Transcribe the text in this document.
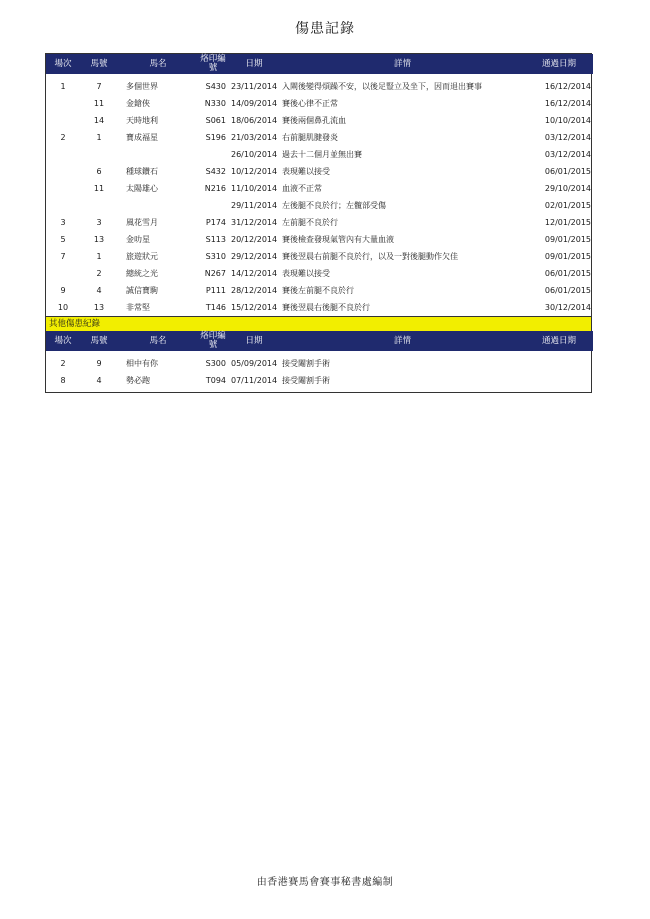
傷患記錄
場次	馬號	馬名	烙印編號	日期	詳情	通過日期

1	7	多個世界	S430	23/11/2014	入閘後變得煩躁不安，以後足豎立及坐下，因而退出賽事	16/12/2014
	11	金鎗俠	N330	14/09/2014	賽後心律不正常	16/12/2014
	14	天時地利	S061	18/06/2014	賽後兩個鼻孔流血	10/10/2014
2	1	寶成福星	S196	21/03/2014	右前腿肌腱發炎	03/12/2014
				26/10/2014	過去十二個月並無出賽	03/12/2014
	6	種球鑽石	S432	10/12/2014	表現難以接受	06/01/2015
	11	太陽雄心	N216	11/10/2014	血液不正常	29/10/2014
				29/11/2014	左後腿不良於行；左髖部受傷	02/01/2015
3	3	風花雪月	P174	31/12/2014	左前腿不良於行	12/01/2015
5	13	金叻星	S113	20/12/2014	賽後檢查發現氣管內有大量血液	09/01/2015
7	1	旅遊狀元	S310	29/12/2014	賽後翌晨右前腿不良於行，以及一對後腿動作欠佳	09/01/2015
	2	總統之光	N267	14/12/2014	表現難以接受	06/01/2015
9	4	誠信寶駒	P111	28/12/2014	賽後左前腿不良於行	06/01/2015
10	13	非常堅	T146	15/12/2014	賽後翌晨右後腿不良於行	30/12/2014
其他傷患紀錄
場次	馬號	馬名	烙印編號	日期	詳情	通過日期

2	9	相中有你	S300	05/09/2014	接受閹割手術	
8	4	勢必跑	T094	07/11/2014	接受閹割手術	
由香港賽馬會賽事秘書處編制
